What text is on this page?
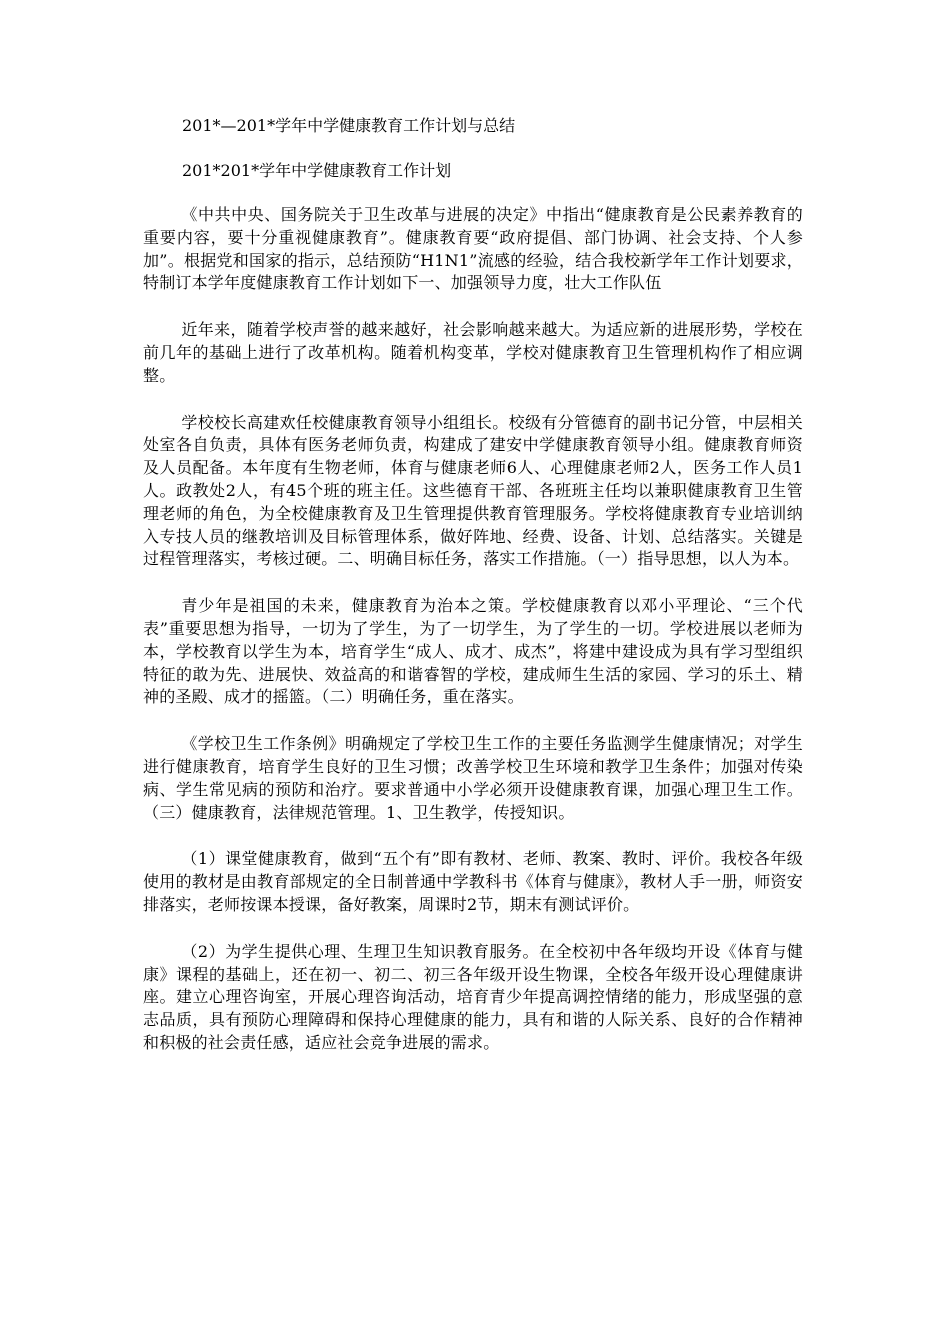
201*—201*学年中学健康教育工作计划与总结
201*201*学年中学健康教育工作计划

《中共中央、国务院关于卫生改革与进展的决定》中指出“健康教育是公民素养教育的重要内容，要十分重视健康教育”。健康教育要“政府提倡、部门协调、社会支持、个人参加”。根据党和国家的指示，总结预防“H1N1”流感的经验，结合我校新学年工作计划要求，特制订本学年度健康教育工作计划如下一、加强领导力度，壮大工作队伍

近年来，随着学校声誉的越来越好，社会影响越来越大。为适应新的进展形势，学校在前几年的基础上进行了改革机构。随着机构变革，学校对健康教育卫生管理机构作了相应调整。

学校校长高建欢任校健康教育领导小组组长。校级有分管德育的副书记分管，中层相关处室各自负责，具体有医务老师负责，构建成了建安中学健康教育领导小组。健康教育师资及人员配备。本年度有生物老师，体育与健康老师6人、心理健康老师2人，医务工作人员1人。政教处2人，有45个班的班主任。这些德育干部、各班班主任均以兼职健康教育卫生管理老师的角色，为全校健康教育及卫生管理提供教育管理服务。学校将健康教育专业培训纳入专技人员的继教培训及目标管理体系，做好阵地、经费、设备、计划、总结落实。关键是过程管理落实，考核过硬。二、明确目标任务，落实工作措施。（一）指导思想，以人为本。

青少年是祖国的未来，健康教育为治本之策。学校健康教育以邓小平理论、“三个代表”重要思想为指导，一切为了学生，为了一切学生，为了学生的一切。学校进展以老师为本，学校教育以学生为本，培育学生“成人、成才、成杰”，将建中建设成为具有学习型组织特征的敢为先、进展快、效益高的和谐睿智的学校，建成师生生活的家园、学习的乐土、精神的圣殿、成才的摇篮。（二）明确任务，重在落实。

《学校卫生工作条例》明确规定了学校卫生工作的主要任务监测学生健康情况；对学生进行健康教育，培育学生良好的卫生习惯；改善学校卫生环境和教学卫生条件；加强对传染病、学生常见病的预防和治疗。要求普通中小学必须开设健康教育课，加强心理卫生工作。（三）健康教育，法律规范管理。1、卫生教学，传授知识。

（1）课堂健康教育，做到“五个有”即有教材、老师、教案、教时、评价。我校各年级使用的教材是由教育部规定的全日制普通中学教科书《体育与健康》，教材人手一册，师资安排落实，老师按课本授课，备好教案，周课时2节，期末有测试评价。

（2）为学生提供心理、生理卫生知识教育服务。在全校初中各年级均开设《体育与健康》课程的基础上，还在初一、初二、初三各年级开设生物课，全校各年级开设心理健康讲座。建立心理咨询室，开展心理咨询活动，培育青少年提高调控情绪的能力，形成坚强的意志品质，具有预防心理障碍和保持心理健康的能力，具有和谐的人际关系、良好的合作精神和积极的社会责任感，适应社会竞争进展的需求。
